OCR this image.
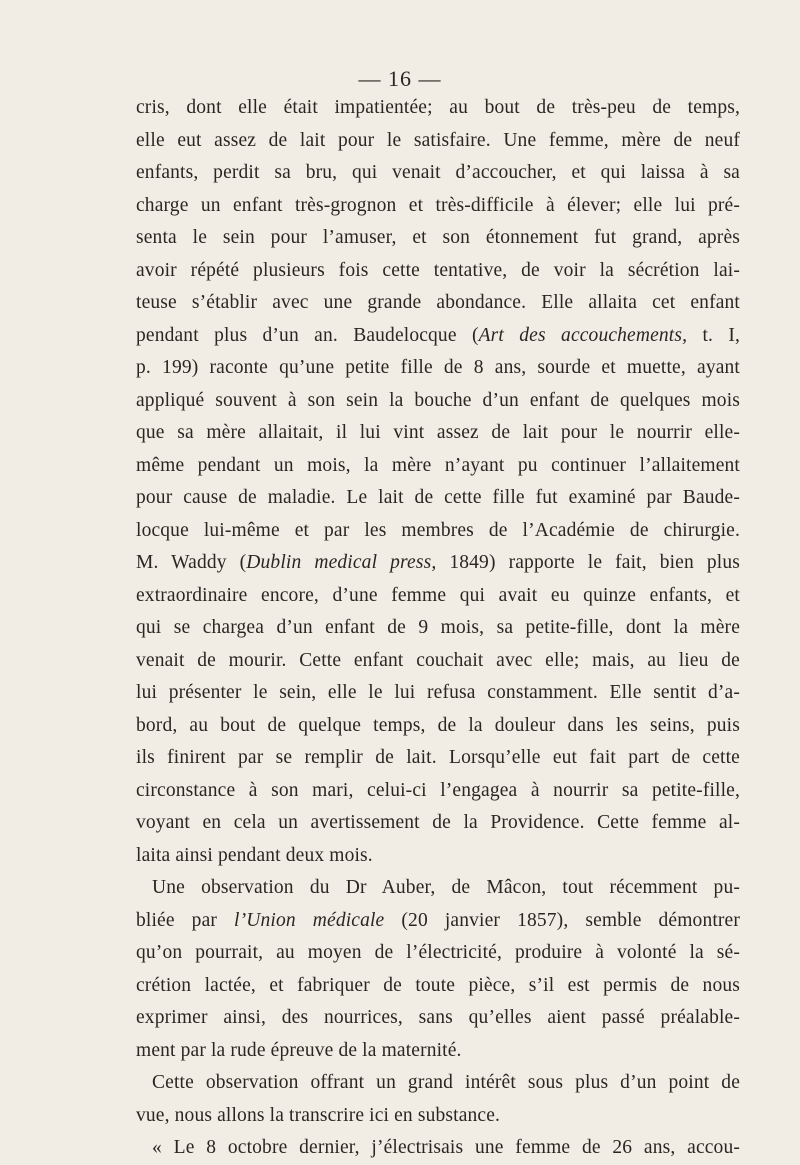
— 16 —
cris, dont elle était impatientée; au bout de très-peu de temps,
elle eut assez de lait pour le satisfaire. Une femme, mère de neuf
enfants, perdit sa bru, qui venait d’accoucher, et qui laissa à sa
charge un enfant très-grognon et très-difficile à élever; elle lui pré-
senta le sein pour l’amuser, et son étonnement fut grand, après
avoir répété plusieurs fois cette tentative, de voir la sécrétion lai-
teuse s’établir avec une grande abondance. Elle allaita cet enfant
pendant plus d’un an. Baudelocque (Art des accouchements, t. I,
p. 199) raconte qu’une petite fille de 8 ans, sourde et muette, ayant
appliqué souvent à son sein la bouche d’un enfant de quelques mois
que sa mère allaitait, il lui vint assez de lait pour le nourrir elle-
même pendant un mois, la mère n’ayant pu continuer l’allaitement
pour cause de maladie. Le lait de cette fille fut examiné par Baude-
locque lui-même et par les membres de l’Académie de chirurgie.
M. Waddy (Dublin medical press, 1849) rapporte le fait, bien plus
extraordinaire encore, d’une femme qui avait eu quinze enfants, et
qui se chargea d’un enfant de 9 mois, sa petite-fille, dont la mère
venait de mourir. Cette enfant couchait avec elle; mais, au lieu de
lui présenter le sein, elle le lui refusa constamment. Elle sentit d’a-
bord, au bout de quelque temps, de la douleur dans les seins, puis
ils finirent par se remplir de lait. Lorsqu’elle eut fait part de cette
circonstance à son mari, celui-ci l’engagea à nourrir sa petite-fille,
voyant en cela un avertissement de la Providence. Cette femme al-
laita ainsi pendant deux mois.
Une observation du Dr Auber, de Mâcon, tout récemment pu-
bliée par l’Union médicale (20 janvier 1857), semble démontrer
qu’on pourrait, au moyen de l’électricité, produire à volonté la sé-
crétion lactée, et fabriquer de toute pièce, s’il est permis de nous
exprimer ainsi, des nourrices, sans qu’elles aient passé préalable-
ment par la rude épreuve de la maternité.
Cette observation offrant un grand intérêt sous plus d’un point de
vue, nous allons la transcrire ici en substance.
« Le 8 octobre dernier, j’électrisais une femme de 26 ans, accou-
